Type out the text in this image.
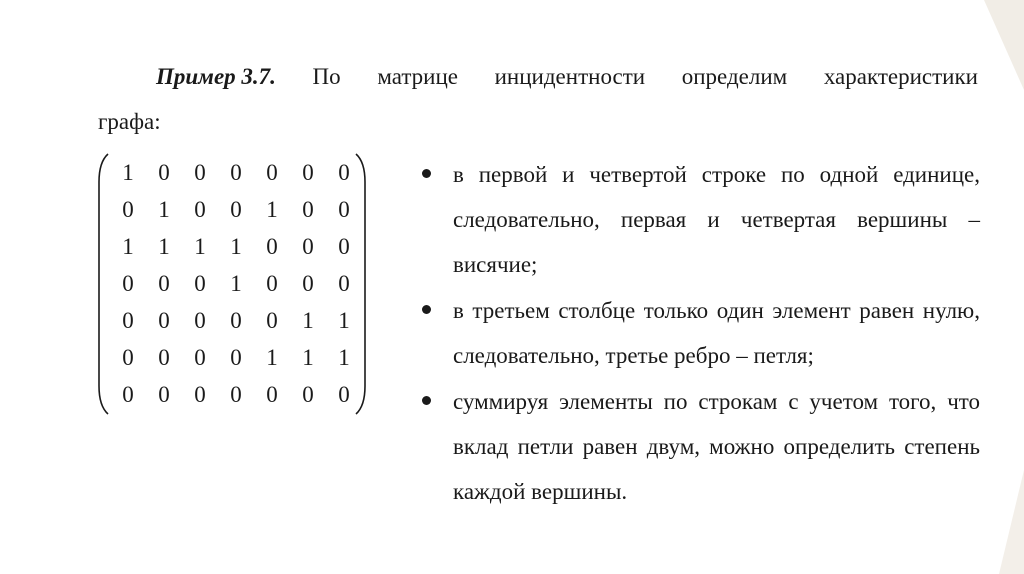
Пример 3.7. По матрице инцидентности определим характеристики
графа:
1	0	0	0	0	0	0
0	1	0	0	1	0	0
1	1	1	1	0	0	0
0	0	0	1	0	0	0
0	0	0	0	0	1	1
0	0	0	0	1	1	1
0	0	0	0	0	0	0
в первой и четвертой строке по одной единице, следовательно, первая и четвертая вершины – висячие;
в третьем столбце только один элемент равен нулю, следовательно, третье ребро – петля;
суммируя элементы по строкам с учетом того, что вклад петли равен двум, можно определить степень каждой вершины.
